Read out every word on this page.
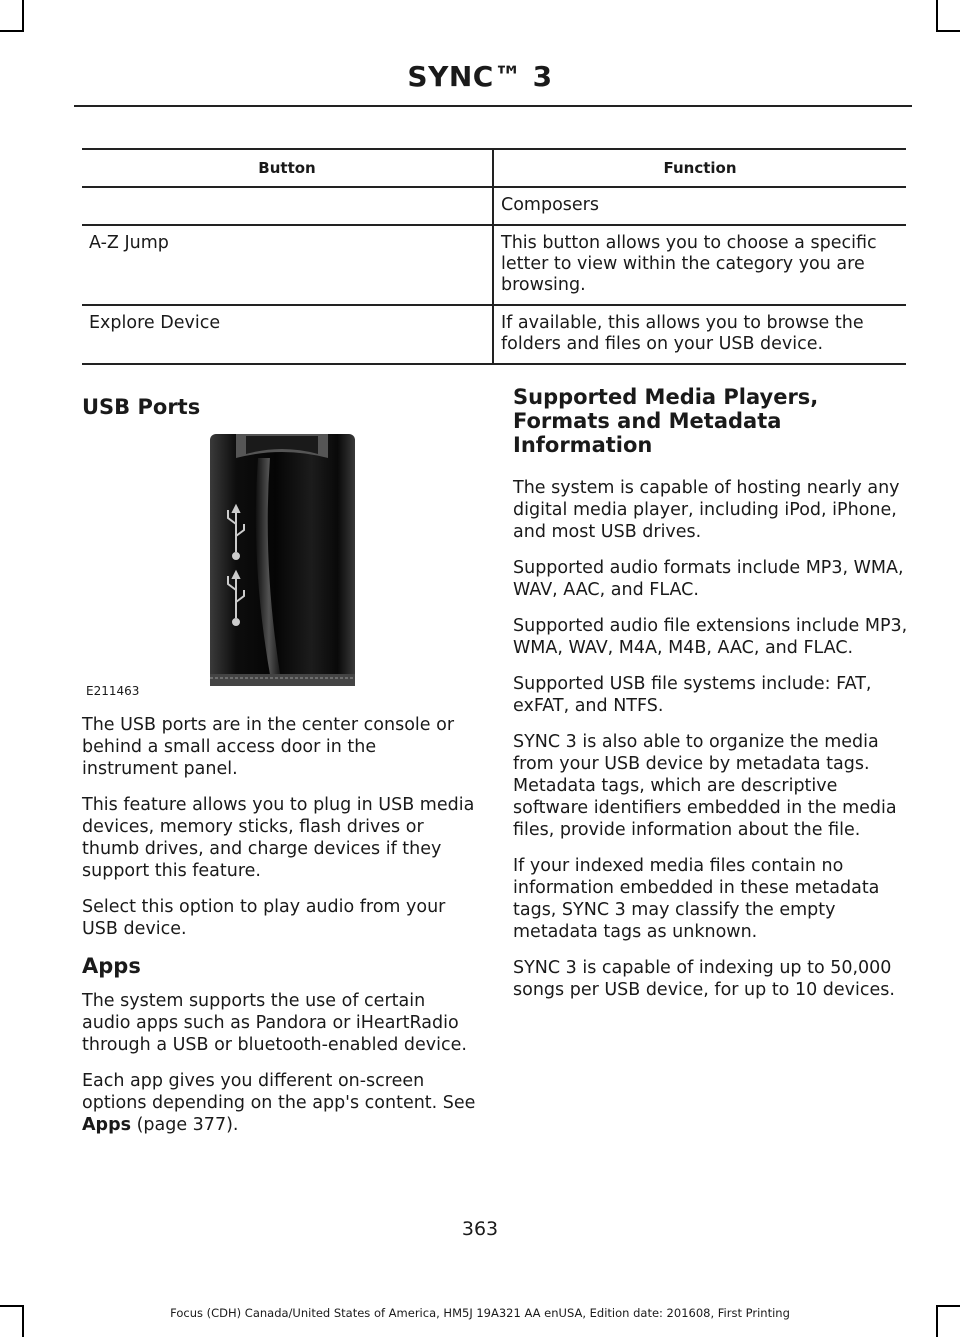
SYNC™ 3
Button	Function
	Composers
A-Z Jump	This button allows you to choose a specific letter to view within the category you are browsing.
Explore Device	If available, this allows you to browse the folders and files on your USB device.
USB Ports
E211463

The USB ports are in the center console or behind a small access door in the instrument panel.

This feature allows you to plug in USB media devices, memory sticks, flash drives or thumb drives, and charge devices if they support this feature.

Select this option to play audio from your USB device.

Apps

The system supports the use of certain audio apps such as Pandora or iHeartRadio through a USB or bluetooth-enabled device.

Each app gives you different on-screen options depending on the app's content. See Apps (page 377).

Supported Media Players, Formats and Metadata Information

The system is capable of hosting nearly any digital media player, including iPod, iPhone, and most USB drives.

Supported audio formats include MP3, WMA, WAV, AAC, and FLAC.

Supported audio file extensions include MP3, WMA, WAV, M4A, M4B, AAC, and FLAC.

Supported USB file systems include: FAT, exFAT, and NTFS.

SYNC 3 is also able to organize the media from your USB device by metadata tags. Metadata tags, which are descriptive software identifiers embedded in the media files, provide information about the file.

If your indexed media files contain no information embedded in these metadata tags, SYNC 3 may classify the empty metadata tags as unknown.

SYNC 3 is capable of indexing up to 50,000 songs per USB device, for up to 10 devices.

363
Focus (CDH) Canada/United States of America, HM5J 19A321 AA enUSA, Edition date: 201608, First Printing
